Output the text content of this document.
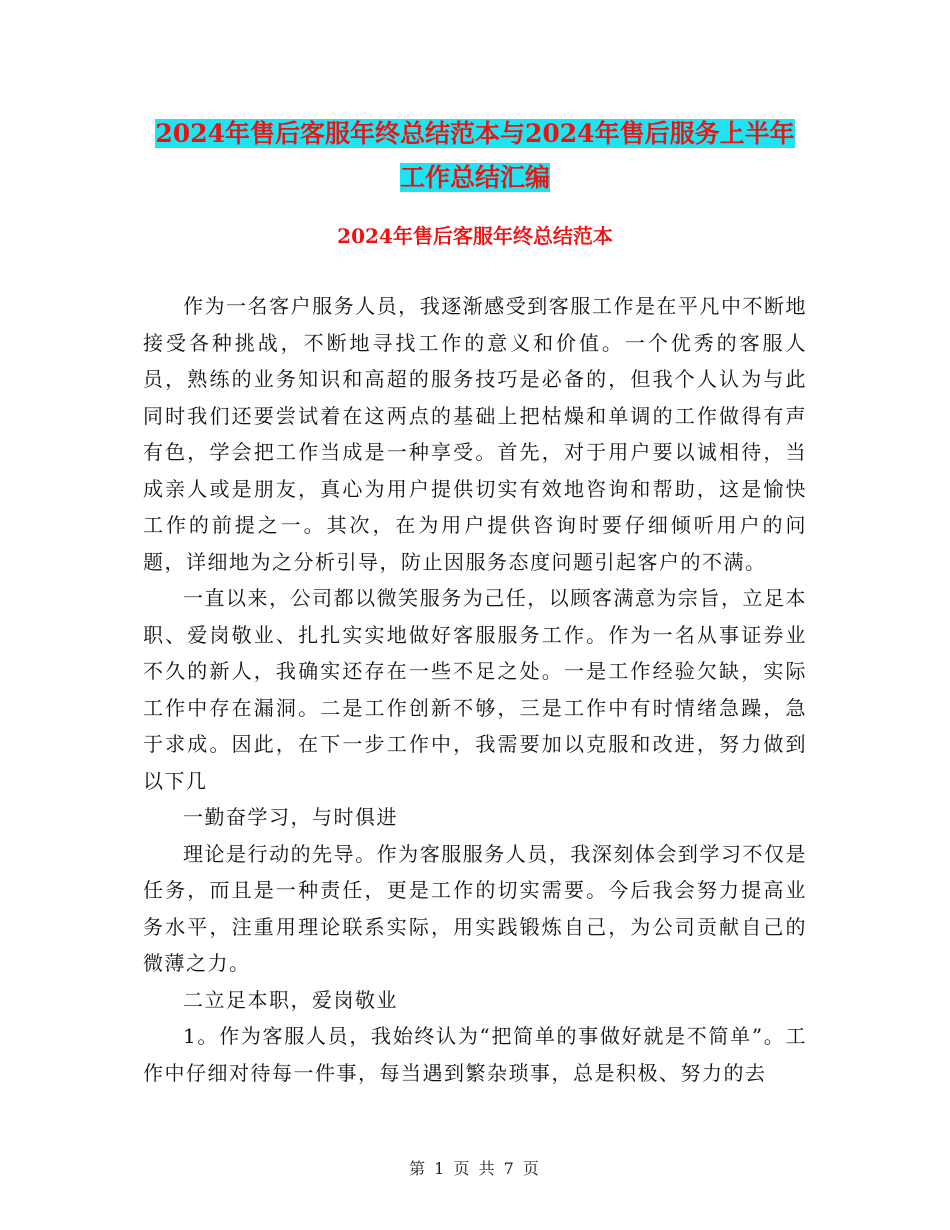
2024年售后客服年终总结范本与2024年售后服务上半年工作总结汇编
2024年售后客服年终总结范本

作为一名客户服务人员，我逐渐感受到客服工作是在平凡中不断地接受各种挑战，不断地寻找工作的意义和价值。一个优秀的客服人员，熟练的业务知识和高超的服务技巧是必备的，但我个人认为与此同时我们还要尝试着在这两点的基础上把枯燥和单调的工作做得有声有色，学会把工作当成是一种享受。首先，对于用户要以诚相待，当成亲人或是朋友，真心为用户提供切实有效地咨询和帮助，这是愉快工作的前提之一。其次，在为用户提供咨询时要仔细倾听用户的问题，详细地为之分析引导，防止因服务态度问题引起客户的不满。

一直以来，公司都以微笑服务为己任，以顾客满意为宗旨，立足本职、爱岗敬业、扎扎实实地做好客服服务工作。作为一名从事证券业不久的新人，我确实还存在一些不足之处。一是工作经验欠缺，实际工作中存在漏洞。二是工作创新不够，三是工作中有时情绪急躁，急于求成。因此，在下一步工作中，我需要加以克服和改进，努力做到以下几

一勤奋学习，与时俱进

理论是行动的先导。作为客服服务人员，我深刻体会到学习不仅是任务，而且是一种责任，更是工作的切实需要。今后我会努力提高业务水平，注重用理论联系实际，用实践锻炼自己，为公司贡献自己的微薄之力。

二立足本职，爱岗敬业

1。作为客服人员，我始终认为“把简单的事做好就是不简单”。工作中仔细对待每一件事，每当遇到繁杂琐事，总是积极、努力的去

第 1 页 共 7 页
